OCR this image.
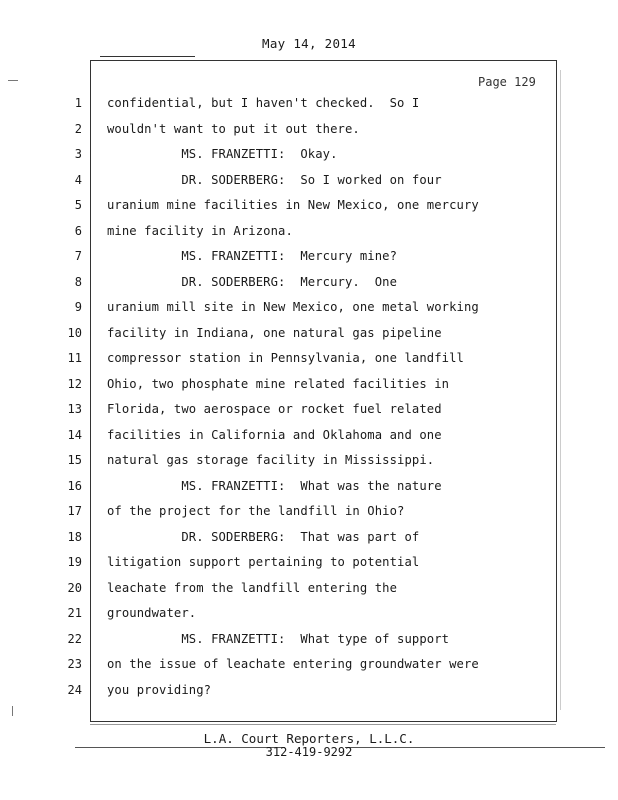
May 14, 2014
Page 129
1 confidential, but I haven't checked.  So I
2 wouldn't want to put it out there.
3 MS. FRANZETTI:  Okay.
4 DR. SODERBERG:  So I worked on four
5 uranium mine facilities in New Mexico, one mercury
6 mine facility in Arizona.
7 MS. FRANZETTI:  Mercury mine?
8 DR. SODERBERG:  Mercury.  One
9 uranium mill site in New Mexico, one metal working
10 facility in Indiana, one natural gas pipeline
11 compressor station in Pennsylvania, one landfill
12 Ohio, two phosphate mine related facilities in
13 Florida, two aerospace or rocket fuel related
14 facilities in California and Oklahoma and one
15 natural gas storage facility in Mississippi.
16 MS. FRANZETTI:  What was the nature
17 of the project for the landfill in Ohio?
18 DR. SODERBERG:  That was part of
19 litigation support pertaining to potential
20 leachate from the landfill entering the
21 groundwater.
22 MS. FRANZETTI:  What type of support
23 on the issue of leachate entering groundwater were
24 you providing?
L.A. Court Reporters, L.L.C.
312-419-9292
